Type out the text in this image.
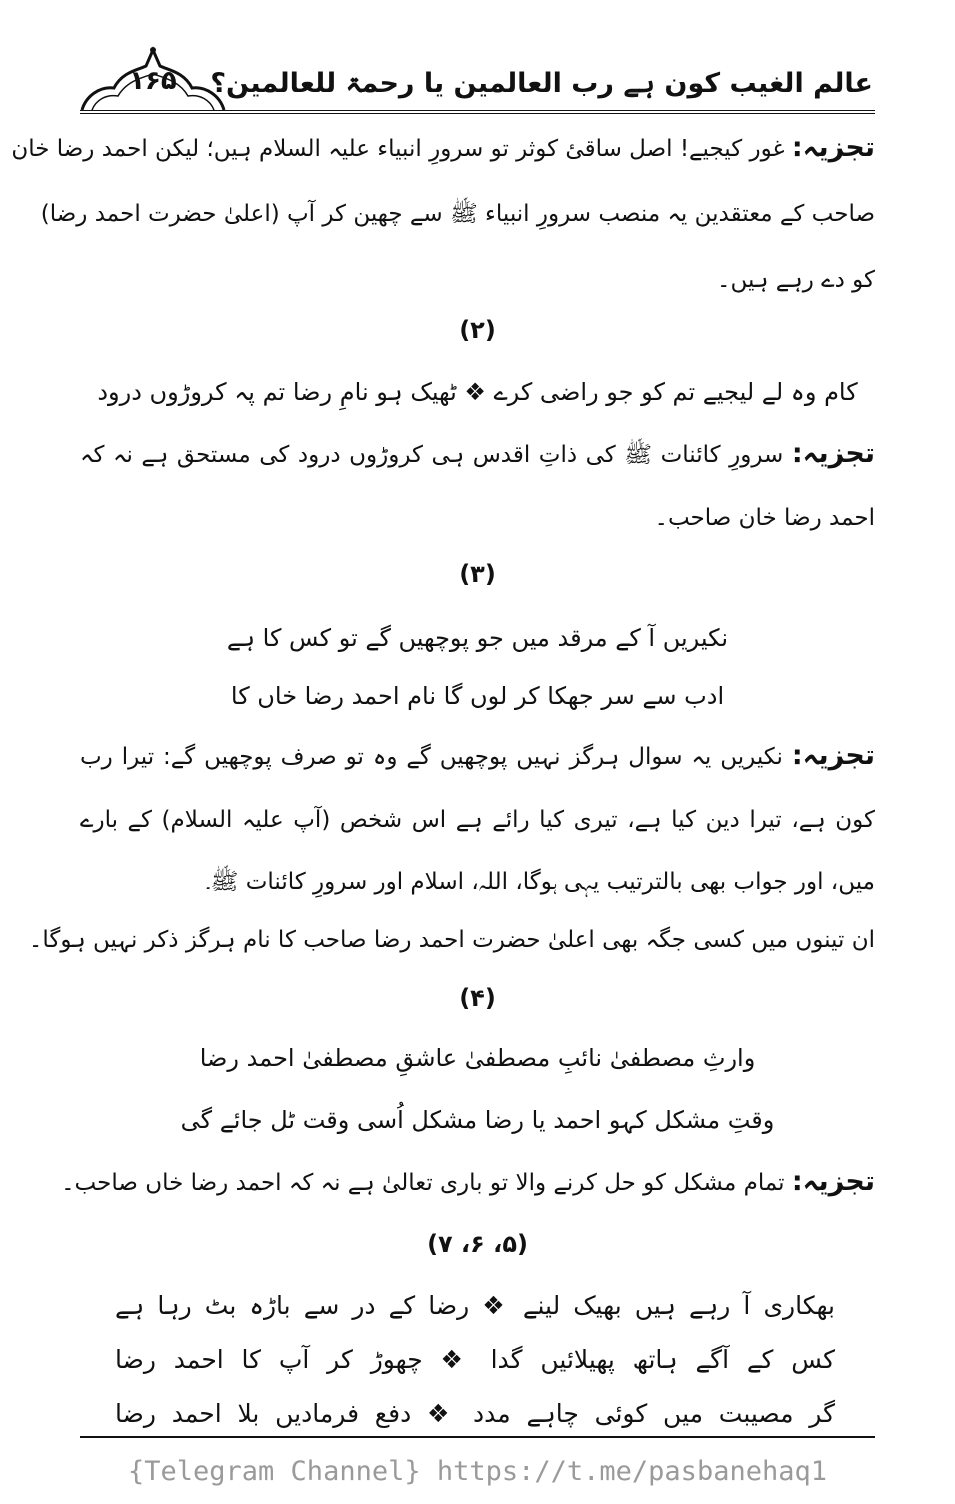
عالم الغیب کون ہے رب العالمین یا رحمۃ للعالمین؟
۱۶۵
تجزیہ: غور کیجیے! اصل ساقیٔ کوثر تو سرورِ انبیاء علیہ السلام ہیں؛ لیکن احمد رضا خان
صاحب کے معتقدین یہ منصب سرورِ انبیاء ﷺ سے چھین کر آپ (اعلیٰ حضرت احمد رضا)
کو دے رہے ہیں۔
(۲)
کام وہ لے لیجیے تم کو جو راضی کرے ❖ ٹھیک ہو نامِ رضا تم پہ کروڑوں درود
تجزیہ: سرورِ کائنات ﷺ کی ذاتِ اقدس ہی کروڑوں درود کی مستحق ہے نہ کہ
احمد رضا خان صاحب۔
(۳)
نکیریں آ کے مرقد میں جو پوچھیں گے تو کس کا ہے
ادب سے سر جھکا کر لوں گا نام احمد رضا خاں کا
تجزیہ: نکیریں یہ سوال ہرگز نہیں پوچھیں گے وہ تو صرف پوچھیں گے: تیرا رب
کون ہے، تیرا دین کیا ہے، تیری کیا رائے ہے اس شخص (آپ علیہ السلام) کے بارے
میں، اور جواب بھی بالترتیب یہی ہوگا، اللہ، اسلام اور سرورِ کائنات ﷺ۔
ان تینوں میں کسی جگہ بھی اعلیٰ حضرت احمد رضا صاحب کا نام ہرگز ذکر نہیں ہوگا۔
(۴)
وارثِ مصطفیٰ نائبِ مصطفیٰ عاشقِ مصطفیٰ احمد رضا
وقتِ مشکل کہو احمد یا رضا مشکل اُسی وقت ٹل جائے گی
تجزیہ: تمام مشکل کو حل کرنے والا تو باری تعالیٰ ہے نہ کہ احمد رضا خاں صاحب۔
(۵، ۶، ۷)
بھکاری آ رہے ہیں بھیک لینے ❖ رضا کے در سے باڑہ بٹ رہا ہے
کس کے آگے ہاتھ پھیلائیں گدا ❖ چھوڑ کر آپ کا احمد رضا
گر مصیبت میں کوئی چاہے مدد ❖ دفع فرمادیں بلا احمد رضا
{Telegram Channel} https://t.me/pasbanehaq1
